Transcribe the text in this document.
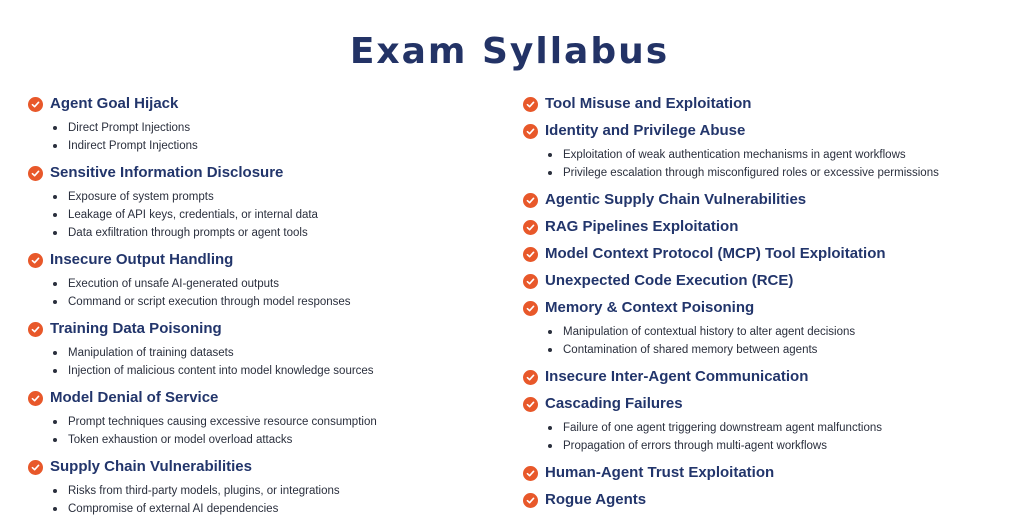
Exam Syllabus
Agent Goal Hijack
Direct Prompt Injections
Indirect Prompt Injections
Sensitive Information Disclosure
Exposure of system prompts
Leakage of API keys, credentials, or internal data
Data exfiltration through prompts or agent tools
Insecure Output Handling
Execution of unsafe AI-generated outputs
Command or script execution through model responses
Training Data Poisoning
Manipulation of training datasets
Injection of malicious content into model knowledge sources
Model Denial of Service
Prompt techniques causing excessive resource consumption
Token exhaustion or model overload attacks
Supply Chain Vulnerabilities
Risks from third-party models, plugins, or integrations
Compromise of external AI dependencies
Tool Misuse and Exploitation
Identity and Privilege Abuse
Exploitation of weak authentication mechanisms in agent workflows
Privilege escalation through misconfigured roles or excessive permissions
Agentic Supply Chain Vulnerabilities
RAG Pipelines Exploitation
Model Context Protocol (MCP) Tool Exploitation
Unexpected Code Execution (RCE)
Memory & Context Poisoning
Manipulation of contextual history to alter agent decisions
Contamination of shared memory between agents
Insecure Inter-Agent Communication
Cascading Failures
Failure of one agent triggering downstream agent malfunctions
Propagation of errors through multi-agent workflows
Human-Agent Trust Exploitation
Rogue Agents
